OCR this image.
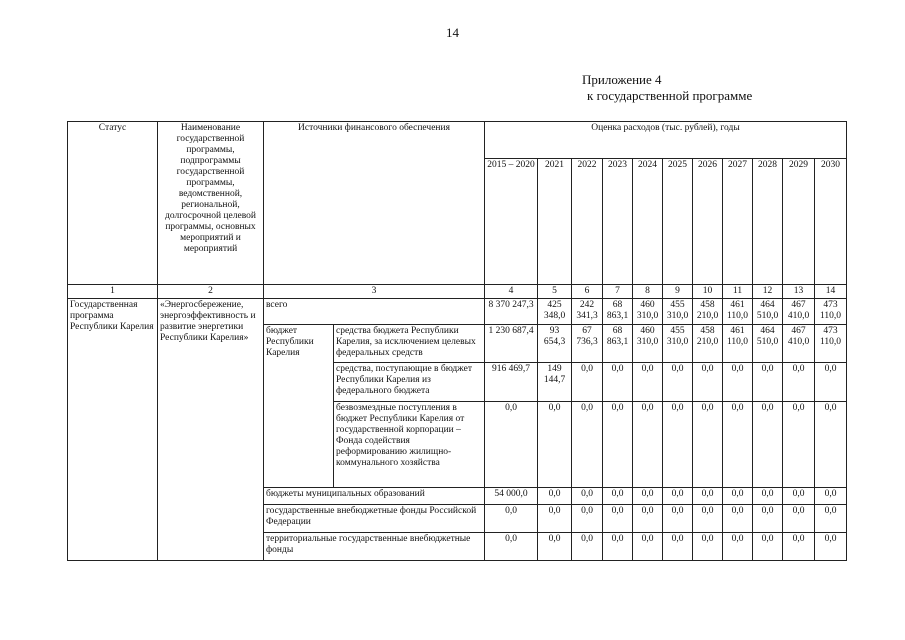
14
Приложение 4
к государственной программе
Статус	Наименование государственной программы, подпрограммы государственной программы, ведомственной, региональной, долгосрочной целевой программы, основных мероприятий и мероприятий	Источники финансового обеспечения		Оценка расходов (тыс. рублей), годы										
				2015 – 2020	2021	2022	2023	2024	2025	2026	2027	2028	2029	2030
1	2	3		4	5	6	7	8	9	10	11	12	13	14
Государственная программа Республики Карелия	«Энергосбережение, энергоэффективность и развитие энергетики Республики Карелия»	всего		8 370 247,3	425 348,0	242 341,3	68 863,1	460 310,0	455 310,0	458 210,0	461 110,0	464 510,0	467 410,0	473 110,0
		бюджет Республики Карелия	средства бюджета Республики Карелия, за исключением целевых федеральных средств	1 230 687,4	93 654,3	67 736,3	68 863,1	460 310,0	455 310,0	458 210,0	461 110,0	464 510,0	467 410,0	473 110,0
			средства, поступающие в бюджет Республики Карелия из федерального бюджета	916 469,7	149 144,7	0,0	0,0	0,0	0,0	0,0	0,0	0,0	0,0	0,0
			безвозмездные поступления в бюджет Республики Карелия от государственной корпорации – Фонда содействия реформированию жилищно-коммунального хозяйства	0,0	0,0	0,0	0,0	0,0	0,0	0,0	0,0	0,0	0,0	0,0
		бюджеты муниципальных образований		54 000,0	0,0	0,0	0,0	0,0	0,0	0,0	0,0	0,0	0,0	0,0
		государственные внебюджетные фонды Российской Федерации		0,0	0,0	0,0	0,0	0,0	0,0	0,0	0,0	0,0	0,0	0,0
		территориальные государственные внебюджетные фонды		0,0	0,0	0,0	0,0	0,0	0,0	0,0	0,0	0,0	0,0	0,0
